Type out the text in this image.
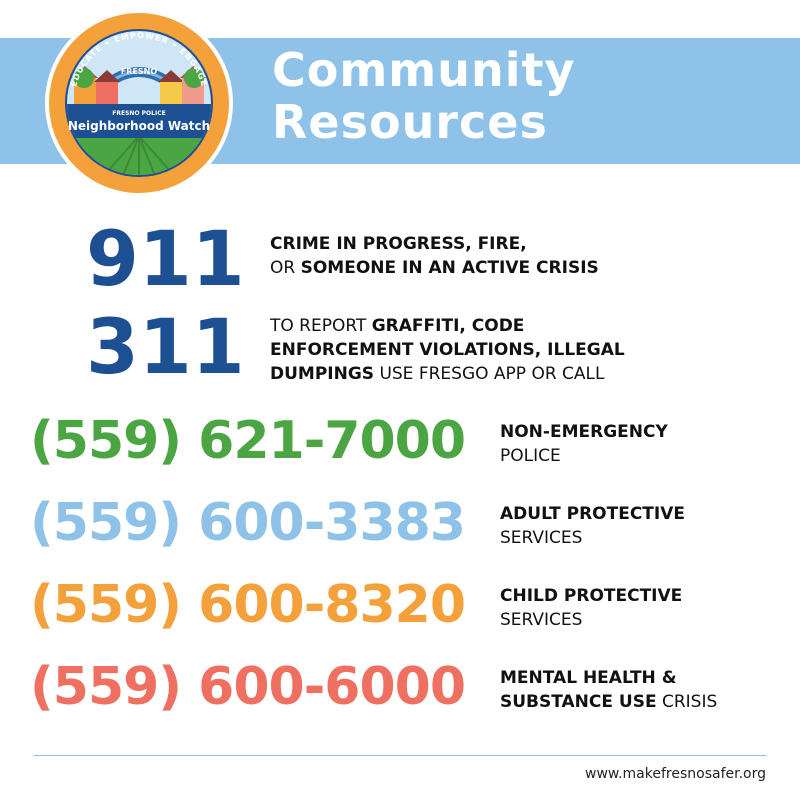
EDUCATE • EMPOWER • ENGAGE
FRESNO
FRESNO POLICE
Neighborhood Watch
Community
Resources
911 CRIME IN PROGRESS, FIRE,
OR SOMEONE IN AN ACTIVE CRISIS
311 TO REPORT GRAFFITI, CODE
ENFORCEMENT VIOLATIONS, ILLEGAL
DUMPINGS USE FRESGO APP OR CALL
(559) 621-7000 NON-EMERGENCY
POLICE
(559) 600-3383 ADULT PROTECTIVE
SERVICES
(559) 600-8320 CHILD PROTECTIVE
SERVICES
(559) 600-6000 MENTAL HEALTH &
SUBSTANCE USE CRISIS
www.makefresnosafer.org
